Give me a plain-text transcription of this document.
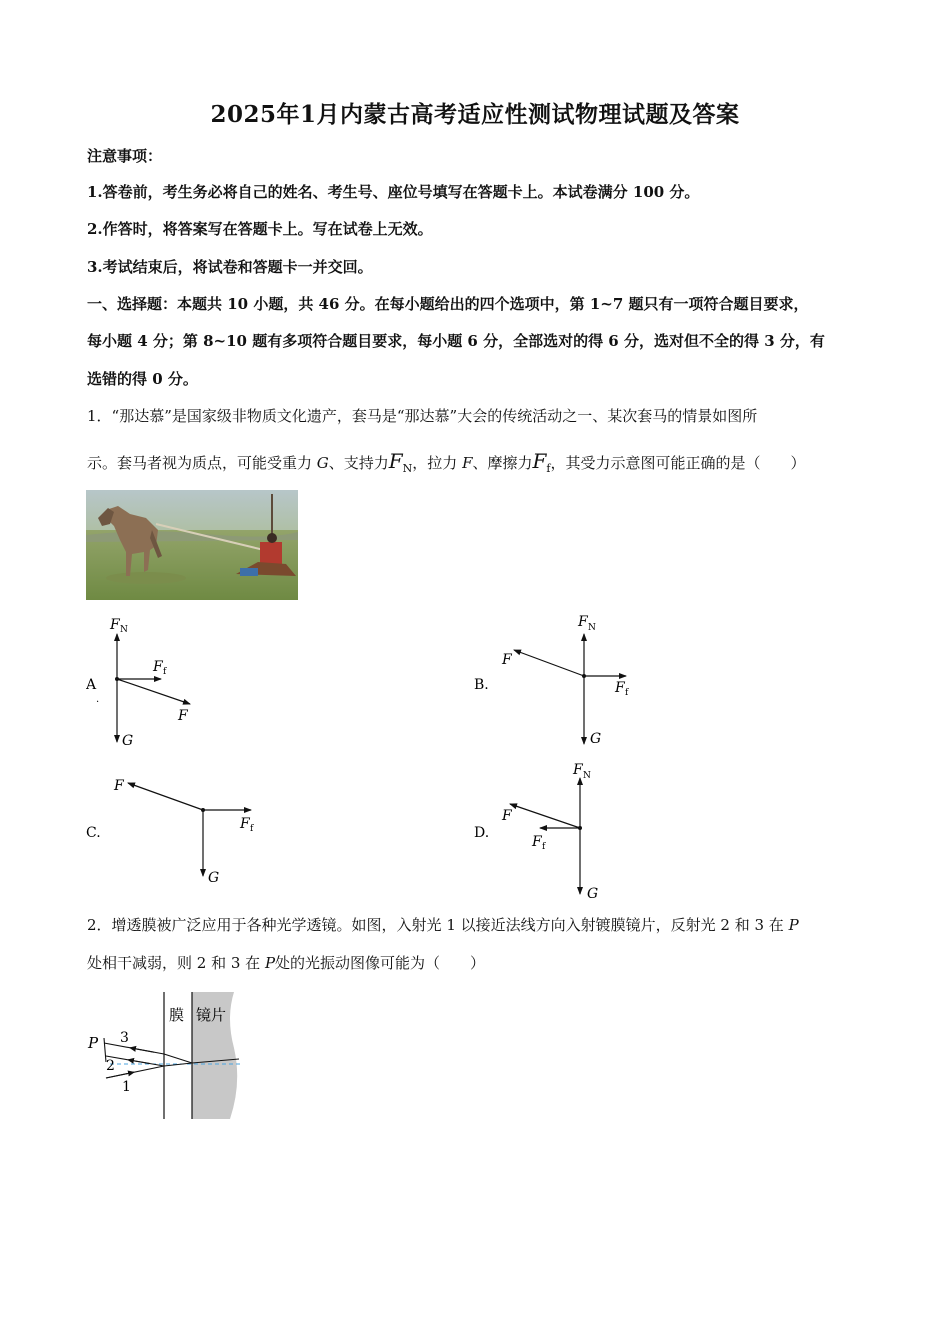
2025年1月内蒙古高考适应性测试物理试题及答案
注意事项：
1.答卷前，考生务必将自己的姓名、考生号、座位号填写在答题卡上。本试卷满分 100 分。
2.作答时，将答案写在答题卡上。写在试卷上无效。
3.考试结束后，将试卷和答题卡一并交回。
一、选择题：本题共 10 小题，共 46 分。在每小题给出的四个选项中，第 1~7 题只有一项符合题目要求，
每小题 4 分；第 8~10 题有多项符合题目要求，每小题 6 分，全部选对的得 6 分，选对但不全的得 3 分，有
选错的得 0 分。
1．“那达慕”是国家级非物质文化遗产，套马是“那达慕”大会的传统活动之一、某次套马的情景如图所
示。套马者视为质点，可能受重力 G、支持力$F_N$，拉力 F、摩擦力$F_f$，其受力示意图可能正确的是（　　）
A
.
F N
F f
F
G
B.
F N
F
F f
G
C.
F
F f
G
D.
F N
F
F f
G
2．增透膜被广泛应用于各种光学透镜。如图，入射光 1 以接近法线方向入射镀膜镜片，反射光 2 和 3 在 P
处相干减弱，则 2 和 3 在 P处的光振动图像可能为（　　）
P 3
2
1
膜 镜片
